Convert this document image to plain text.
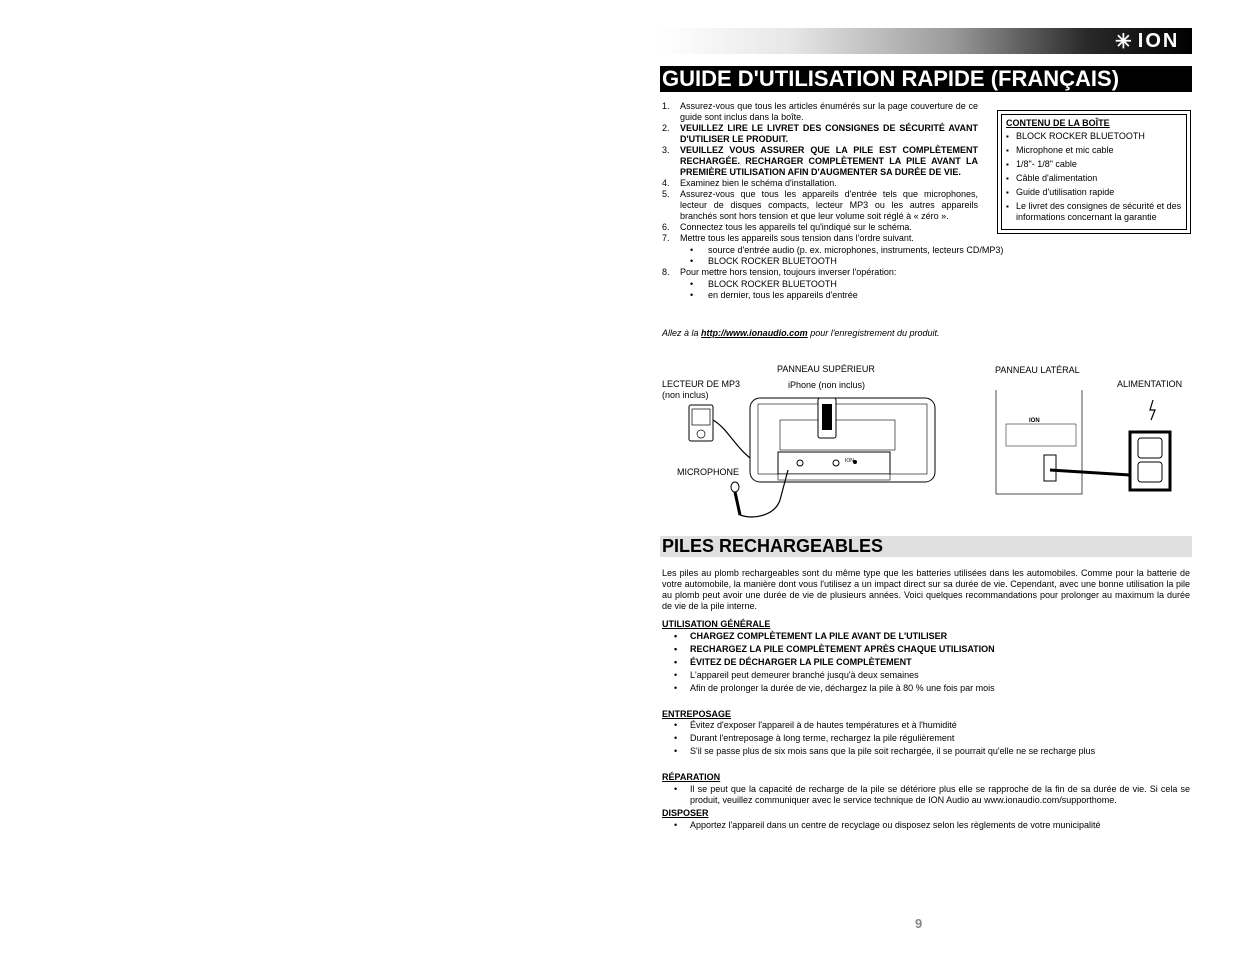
✳ ION
GUIDE D'UTILISATION RAPIDE (FRANÇAIS)
1. Assurez-vous que tous les articles énumérés sur la page couverture de ce guide sont inclus dans la boîte.
2. VEUILLEZ LIRE LE LIVRET DES CONSIGNES DE SÉCURITÉ AVANT D'UTILISER LE PRODUIT.
3. VEUILLEZ VOUS ASSURER QUE LA PILE EST COMPLÈTEMENT RECHARGÉE. RECHARGER COMPLÈTEMENT LA PILE AVANT LA PREMIÈRE UTILISATION AFIN D'AUGMENTER SA DURÉE DE VIE.
4. Examinez bien le schéma d'installation.
5. Assurez-vous que tous les appareils d'entrée tels que microphones, lecteur de disques compacts, lecteur MP3 ou les autres appareils branchés sont hors tension et que leur volume soit réglé à « zéro ».
6. Connectez tous les appareils tel qu'indiqué sur le schéma.
7. Mettre tous les appareils sous tension dans l'ordre suivant.
• source d'entrée audio (p. ex. microphones, instruments, lecteurs CD/MP3)
• BLOCK ROCKER BLUETOOTH
8. Pour mettre hors tension, toujours inverser l'opération:
• BLOCK ROCKER BLUETOOTH
• en dernier, tous les appareils d'entrée
CONTENU DE LA BOÎTE
▪ BLOCK ROCKER BLUETOOTH
▪ Microphone et mic cable
▪ 1/8"- 1/8" cable
▪ Câble d'alimentation
▪ Guide d'utilisation rapide
▪ Le livret des consignes de sécurité et des informations concernant la garantie
Allez à la http://www.ionaudio.com pour l'enregistrement du produit.
PANNEAU SUPÉRIEUR
iPhone (non inclus)
LECTEUR DE MP3
(non inclus)
MICROPHONE
PANNEAU LATÉRAL
ALIMENTATION
ION
ION
PILES RECHARGEABLES
Les piles au plomb rechargeables sont du même type que les batteries utilisées dans les automobiles. Comme pour la batterie de votre automobile, la manière dont vous l'utilisez a un impact direct sur sa durée de vie. Cependant, avec une bonne utilisation la pile au plomb peut avoir une durée de vie de plusieurs années. Voici quelques recommandations pour prolonger au maximum la durée de vie de la pile interne.
UTILISATION GÉNÉRALE
• CHARGEZ COMPLÈTEMENT LA PILE AVANT DE L'UTILISER
• RECHARGEZ LA PILE COMPLÈTEMENT APRÈS CHAQUE UTILISATION
• ÉVITEZ DE DÉCHARGER LA PILE COMPLÈTEMENT
• L'appareil peut demeurer branché jusqu'à deux semaines
• Afin de prolonger la durée de vie, déchargez la pile à 80 % une fois par mois
ENTREPOSAGE
• Évitez d'exposer l'appareil à de hautes températures et à l'humidité
• Durant l'entreposage à long terme, rechargez la pile régulièrement
• S'il se passe plus de six mois sans que la pile soit rechargée, il se pourrait qu'elle ne se recharge plus
RÉPARATION
• Il se peut que la capacité de recharge de la pile se détériore plus elle se rapproche de la fin de sa durée de vie. Si cela se produit, veuillez communiquer avec le service technique de ION Audio au www.ionaudio.com/supporthome.
DISPOSER
• Apportez l'appareil dans un centre de recyclage ou disposez selon les règlements de votre municipalité
9
